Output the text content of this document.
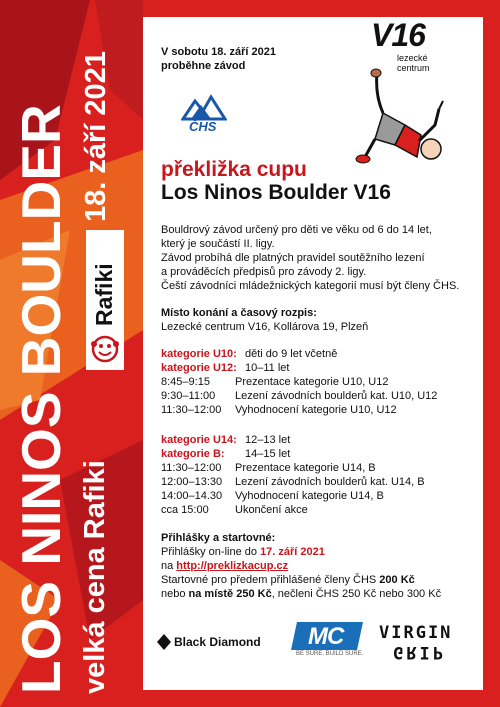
LOS NINOS BOULDER velká cena Rafiki
18. září 2021
Rafiki
V sobotu 18. září 2021
proběhne závod
ČHS
V16
lezecké
centrum
překližka cupu
Los Ninos Boulder V16
Bouldrový závod určený pro děti ve věku od 6 do 14 let,
který je součástí II. ligy.
Závod probíhá dle platných pravidel soutěžního lezení
a prováděcích předpisů pro závody 2. ligy.
Čeští závodníci mládežnických kategorií musí být členy ČHS.
Místo konání a časový rozpis:
Lezecké centrum V16, Kollárova 19, Plzeň
kategorie U10: děti do 9 let včetně
kategorie U12: 10–11 let
8:45–9:15 Prezentace kategorie U10, U12
9:30–11:00 Lezení závodních boulderů kat. U10, U12
11:30–12:00 Vyhodnocení kategorie U10, U12
kategorie U14: 12–13 let
kategorie B: 14–15 let
11:30–12:00 Prezentace kategorie U14, B
12:00–13:30 Lezení závodních boulderů kat. U14, B
14:00–14.30 Vyhodnocení kategorie U14, B
cca 15:00 Ukončení akce
Přihlášky a startovné:
Přihlášky on-line do 17. září 2021
na http://preklizkacup.cz
Startovné pro předem přihlášené členy ČHS 200 Kč
nebo na místě 250 Kč, nečleni ČHS 250 Kč nebo 300 Kč
Black Diamond MC
BE SURE. BUILD SURE.
VIRGIN
GRIP
